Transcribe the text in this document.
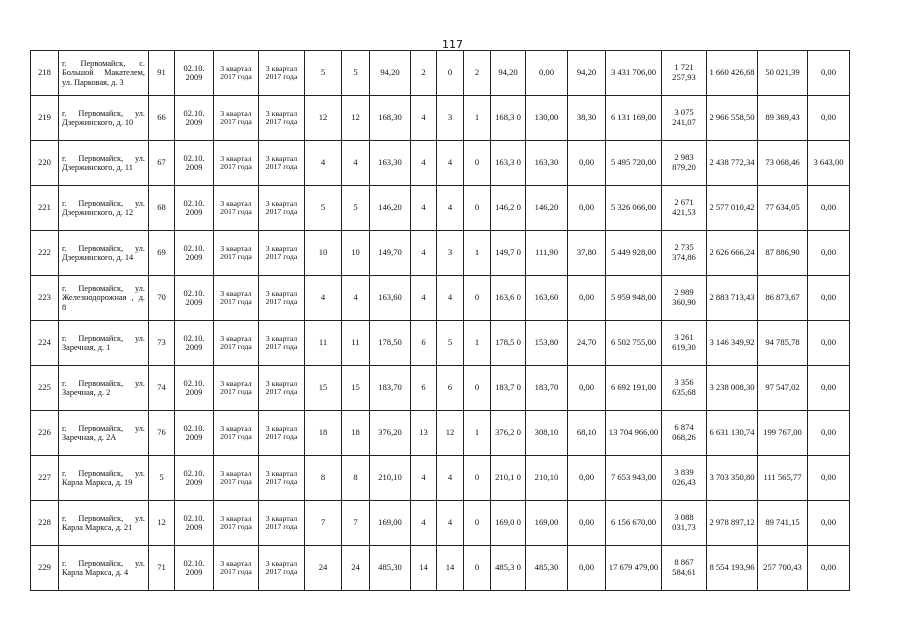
117
218	г. Первомайск, с. Большой Макателем, ул. Парковая, д. 3	91	02.10. 2009	3 квартал 2017 года	3 квартал 2017 года	5	5	94,20	2	0	2	94,20	0,00	94,20	3 431 706,00	1 721 257,93	1 660 426,68	50 021,39	0,00
219	г. Первомайск, ул. Дзержинского, д. 10	66	02.10. 2009	3 квартал 2017 года	3 квартал 2017 года	12	12	168,30	4	3	1	168,3 0	130,00	38,30	6 131 169,00	3 075 241,07	2 966 558,50	89 369,43	0,00
220	г. Первомайск, ул. Дзержинского, д. 11	67	02.10. 2009	3 квартал 2017 года	3 квартал 2017 года	4	4	163,30	4	4	0	163,3 0	163,30	0,00	5 495 720,00	2 983 879,20	2 438 772,34	73 068,46	3 643,00
221	г. Первомайск, ул. Дзержинского, д. 12	68	02.10. 2009	3 квартал 2017 года	3 квартал 2017 года	5	5	146,20	4	4	0	146,2 0	146,20	0,00	5 326 066,00	2 671 421,53	2 577 010,42	77 634,05	0,00
222	г. Первомайск, ул. Дзержинского, д. 14	69	02.10. 2009	3 квартал 2017 года	3 квартал 2017 года	10	10	149,70	4	3	1	149,7 0	111,90	37,80	5 449 928,00	2 735 374,86	2 626 666,24	87 886,90	0,00
223	г. Первомайск, ул. Железнодорожная , д. 8	70	02.10. 2009	3 квартал 2017 года	3 квартал 2017 года	4	4	163,60	4	4	0	163,6 0	163,60	0,00	5 959 948,00	2 989 360,90	2 883 713,43	86 873,67	0,00
224	г. Первомайск, ул. Заречная, д. 1	73	02.10. 2009	3 квартал 2017 года	3 квартал 2017 года	11	11	178,50	6	5	1	178,5 0	153,80	24,70	6 502 755,00	3 261 619,30	3 146 349,92	94 785,78	0,00
225	г. Первомайск, ул. Заречная, д. 2	74	02.10. 2009	3 квартал 2017 года	3 квартал 2017 года	15	15	183,70	6	6	0	183,7 0	183,70	0,00	6 692 191,00	3 356 635,68	3 238 008,30	97 547,02	0,00
226	г. Первомайск, ул. Заречная, д. 2А	76	02.10. 2009	3 квартал 2017 года	3 квартал 2017 года	18	18	376,20	13	12	1	376,2 0	308,10	68,10	13 704 966,00	6 874 068,26	6 631 130,74	199 767,00	0,00
227	г. Первомайск, ул. Карла Маркса, д. 19	5	02.10. 2009	3 квартал 2017 года	3 квартал 2017 года	8	8	210,10	4	4	0	210,1 0	210,10	0,00	7 653 943,00	3 839 026,43	3 703 350,80	111 565,77	0,00
228	г. Первомайск, ул. Карла Маркса, д. 21	12	02.10. 2009	3 квартал 2017 года	3 квартал 2017 года	7	7	169,00	4	4	0	169,0 0	169,00	0,00	6 156 670,00	3 088 031,73	2 978 897,12	89 741,15	0,00
229	г. Первомайск, ул. Карла Маркса, д. 4	71	02.10. 2009	3 квартал 2017 года	3 квартал 2017 года	24	24	485,30	14	14	0	485,3 0	485,30	0,00	17 679 479,00	8 867 584,61	8 554 193,96	257 700,43	0,00
